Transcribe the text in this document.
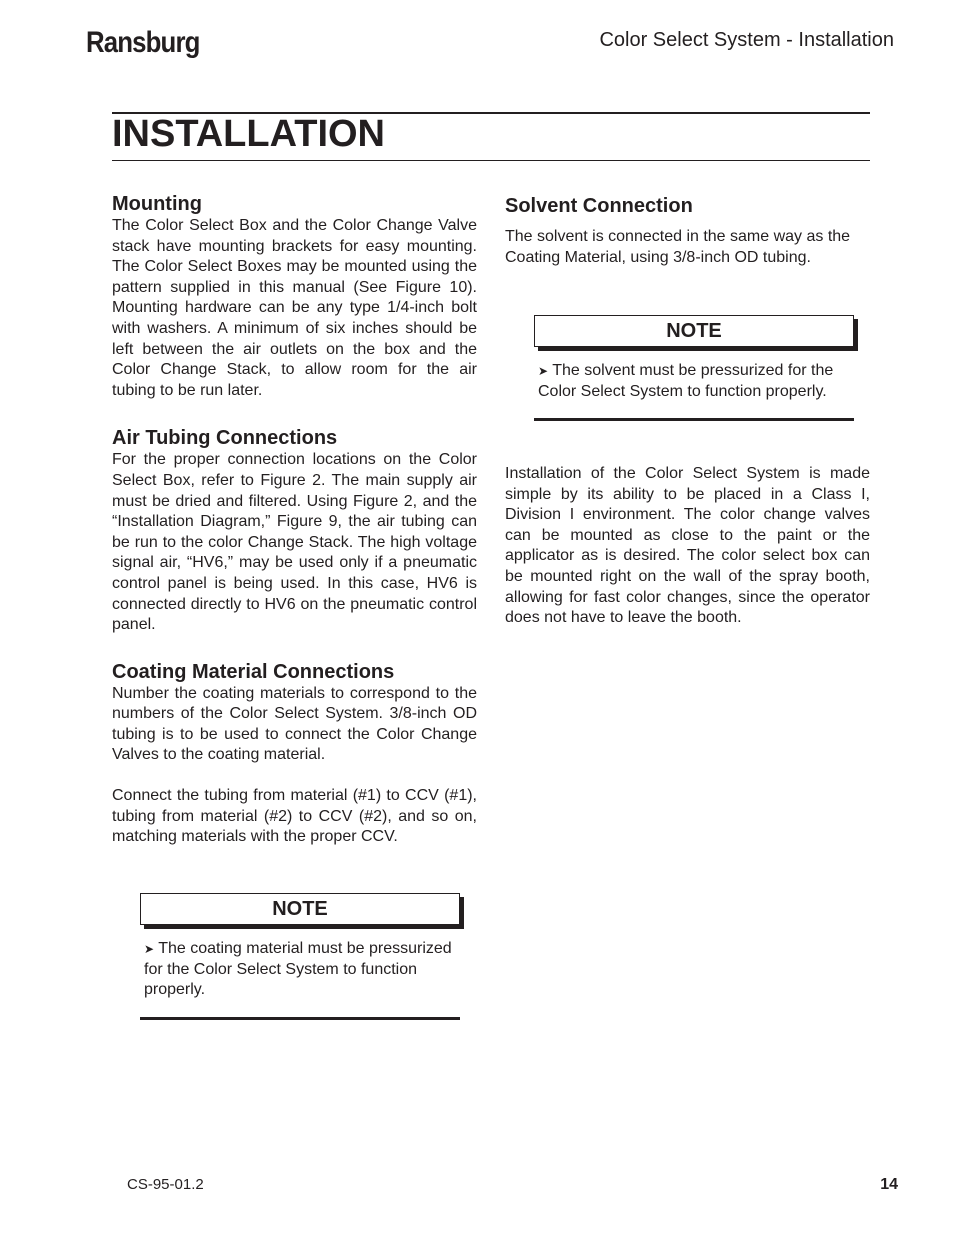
Ransburg	Color Select System - Installation
INSTALLATION
Mounting

The Color Select Box and the Color Change Valve stack have mounting brackets for easy mounting. The Color Select Boxes may be mounted using the pattern supplied in this manual (See Figure 10). Mounting hardware can be any type 1/4-inch bolt with washers. A minimum of six inches should be left between the air outlets on the box and the Color Change Stack, to allow room for the air tubing to be run later.

Air Tubing Connections

For the proper connection locations on the Color Select Box, refer to Figure 2. The main supply air must be dried and filtered. Using Figure 2, and the “Installation Diagram,” Figure 9, the air tubing can be run to the color Change Stack. The high voltage signal air, “HV6,” may be used only if a pneumatic control panel is being used. In this case, HV6 is connected directly to HV6 on the pneumatic control panel.

Coating Material Connections

Number the coating materials to correspond to the numbers of the Color Select System. 3/8-inch OD tubing is to be used to connect the Color Change Valves to the coating material.

Connect the tubing from material (#1) to CCV (#1), tubing from material (#2) to CCV (#2), and so on, matching materials with the proper CCV.

NOTE
➤ The coating material must be pressurized for the Color Select System to function properly.
Solvent Connection

The solvent is connected in the same way as the Coating Material, using 3/8-inch OD tubing.

NOTE
➤ The solvent must be pressurized for the Color Select System to function properly.

Installation of the Color Select System is made simple by its ability to be placed in a Class I, Division I environment. The color change valves can be mounted as close to the paint or the applicator as is desired. The color select box can be mounted right on the wall of the spray booth, allowing for fast color changes, since the operator does not have to leave the booth.

CS-95-01.2	14
